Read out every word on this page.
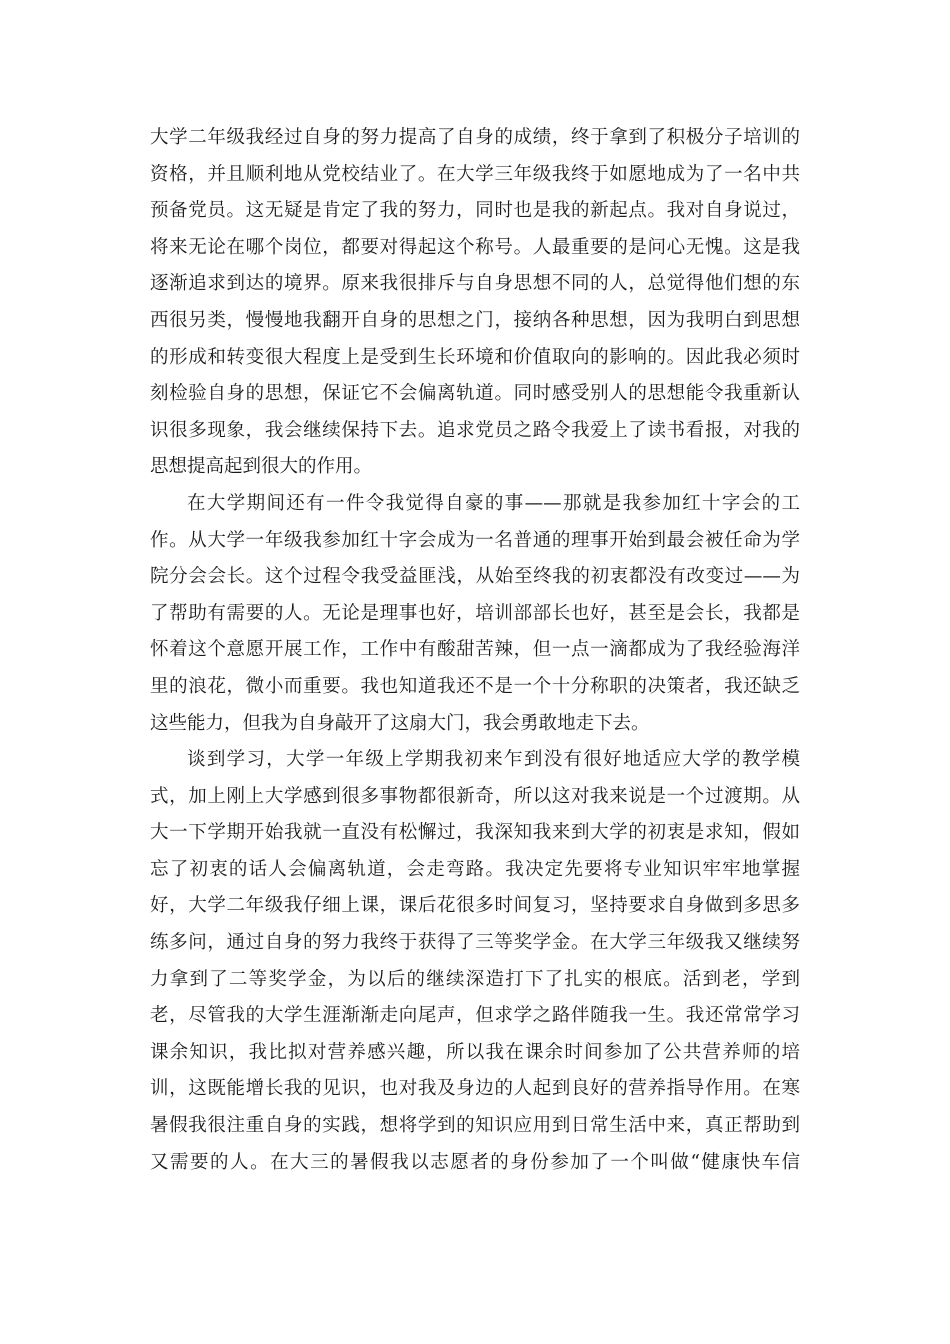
大学二年级我经过自身的努力提高了自身的成绩，终于拿到了积极分子培训的
资格，并且顺利地从党校结业了。在大学三年级我终于如愿地成为了一名中共
预备党员。这无疑是肯定了我的努力，同时也是我的新起点。我对自身说过，
将来无论在哪个岗位，都要对得起这个称号。人最重要的是问心无愧。这是我
逐渐追求到达的境界。原来我很排斥与自身思想不同的人，总觉得他们想的东
西很另类，慢慢地我翻开自身的思想之门，接纳各种思想，因为我明白到思想
的形成和转变很大程度上是受到生长环境和价值取向的影响的。因此我必须时
刻检验自身的思想，保证它不会偏离轨道。同时感受别人的思想能令我重新认
识很多现象，我会继续保持下去。追求党员之路令我爱上了读书看报，对我的
思想提高起到很大的作用。
在大学期间还有一件令我觉得自豪的事——那就是我参加红十字会的工
作。从大学一年级我参加红十字会成为一名普通的理事开始到最会被任命为学
院分会会长。这个过程令我受益匪浅，从始至终我的初衷都没有改变过——为
了帮助有需要的人。无论是理事也好，培训部部长也好，甚至是会长，我都是
怀着这个意愿开展工作，工作中有酸甜苦辣，但一点一滴都成为了我经验海洋
里的浪花，微小而重要。我也知道我还不是一个十分称职的决策者，我还缺乏
这些能力，但我为自身敲开了这扇大门，我会勇敢地走下去。
谈到学习，大学一年级上学期我初来乍到没有很好地适应大学的教学模
式，加上刚上大学感到很多事物都很新奇，所以这对我来说是一个过渡期。从
大一下学期开始我就一直没有松懈过，我深知我来到大学的初衷是求知，假如
忘了初衷的话人会偏离轨道，会走弯路。我决定先要将专业知识牢牢地掌握
好，大学二年级我仔细上课，课后花很多时间复习，坚持要求自身做到多思多
练多问，通过自身的努力我终于获得了三等奖学金。在大学三年级我又继续努
力拿到了二等奖学金，为以后的继续深造打下了扎实的根底。活到老，学到
老，尽管我的大学生涯渐渐走向尾声，但求学之路伴随我一生。我还常常学习
课余知识，我比拟对营养感兴趣，所以我在课余时间参加了公共营养师的培
训，这既能增长我的见识，也对我及身边的人起到良好的营养指导作用。在寒
暑假我很注重自身的实践，想将学到的知识应用到日常生活中来，真正帮助到
又需要的人。在大三的暑假我以志愿者的身份参加了一个叫做“健康快车信
